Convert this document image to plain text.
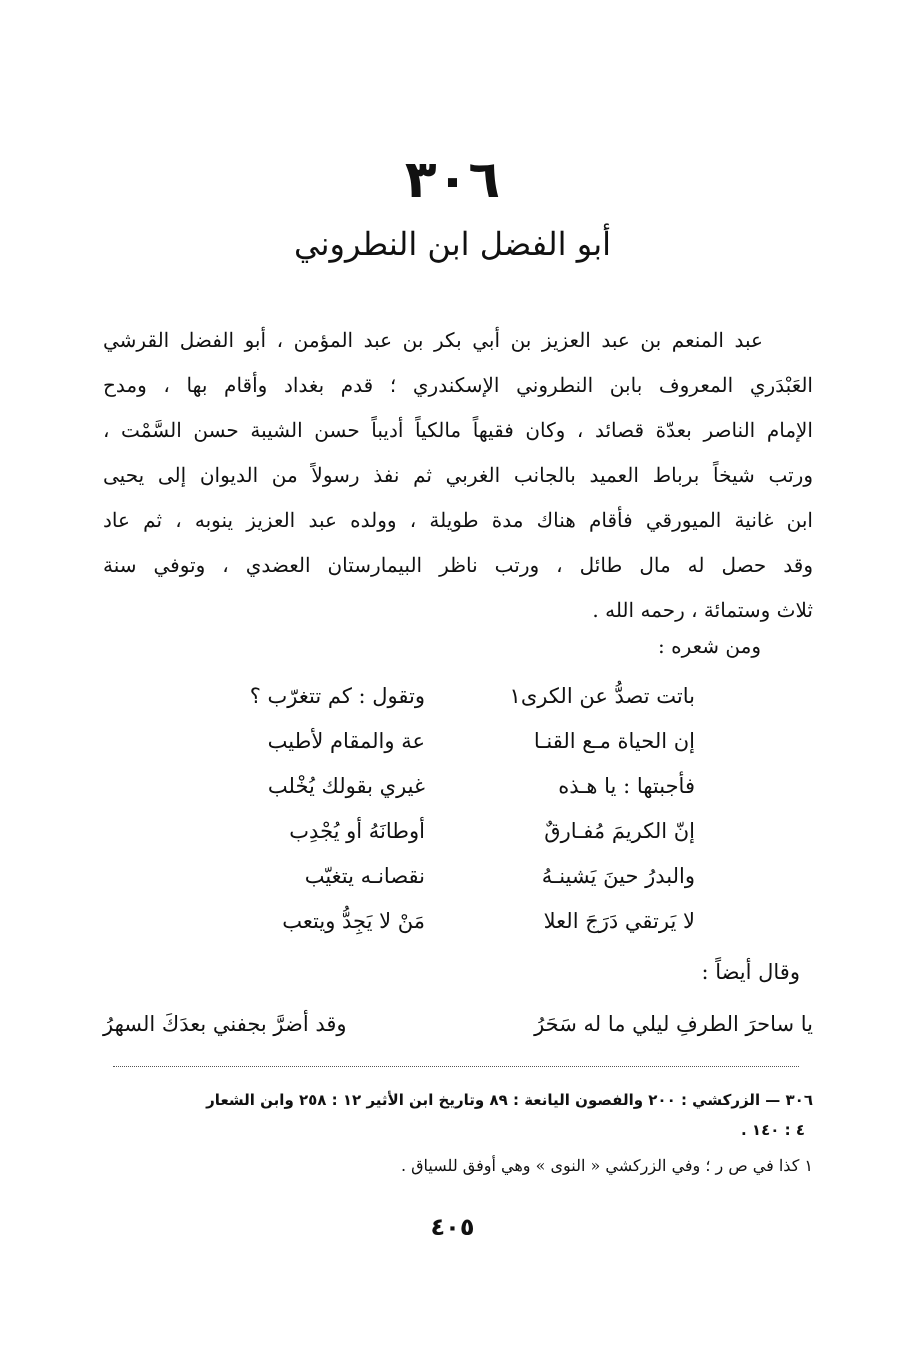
٣٠٦
أبو الفضل ابن النطروني
عبد المنعم بن عبد العزيز بن أبي بكر بن عبد المؤمن ، أبو الفضل القرشي
العَبْدَري المعروف بابن النطروني الإسكندري ؛ قدم بغداد وأقام بها ، ومدح
الإمام الناصر بعدّة قصائد ، وكان فقيهاً مالكياً أديباً حسن الشيبة حسن السَّمْت ،
ورتب شيخاً برباط العميد بالجانب الغربي ثم نفذ رسولاً من الديوان إلى يحيى
ابن غانية الميورقي فأقام هناك مدة طويلة ، وولده عبد العزيز ينوبه ، ثم عاد
وقد حصل له مال طائل ، ورتب ناظر البيمارستان العضدي ، وتوفي سنة
ثلاث وستمائة ، رحمه الله .
ومن شعره :
باتت تصدُّ عن الكرى١
وتقول : كم تتغرّب ؟
إن الحياة مـع القنـا
عة والمقام لأطيب
فأجبتها : يا هـذه
غيري بقولك يُخْلب
إنّ الكريمَ مُفـارقٌ
أوطانَهُ أو يُجْدِب
والبدرُ حينَ يَشينـهُ
نقصانـه يتغيّب
لا يَرتقي دَرَجَ العلا
مَنْ لا يَجِدُّ ويتعب
وقال أيضاً :
يا ساحرَ الطرفِ ليلي ما له سَحَرُ
وقد أضرَّ بجفني بعدَكَ السهرُ
٣٠٦ — الزركشي : ٢٠٠ والفصون اليانعة : ٨٩ وتاريخ ابن الأثير ١٢ : ٢٥٨ وابن الشعار
٤ : ١٤٠ .
١ كذا في ص ر ؛ وفي الزركشي « النوى » وهي أوفق للسياق .
٤٠٥
